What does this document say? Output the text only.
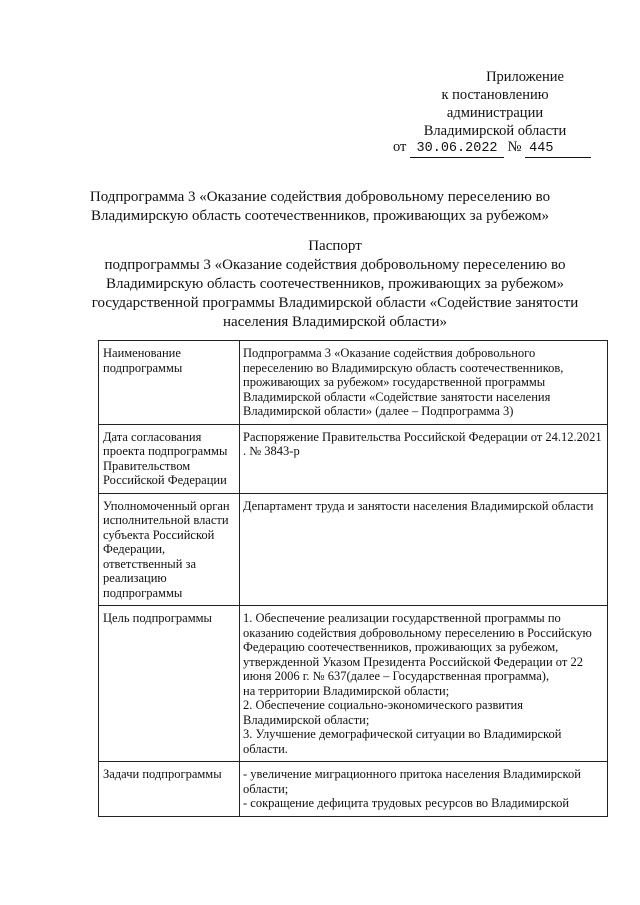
Приложение
к постановлению
администрации
Владимирской области
от 30.06.2022 № 445
Подпрограмма 3 «Оказание содействия добровольному переселению во
Владимирскую область соотечественников, проживающих за рубежом»
Паспорт
подпрограммы 3 «Оказание содействия добровольному переселению во
Владимирскую область соотечественников, проживающих за рубежом»
государственной программы Владимирской области «Содействие занятости
населения Владимирской области»
Наименование подпрограммы	Подпрограмма 3 «Оказание содействия добровольного переселению во Владимирскую область соотечественников, проживающих за рубежом» государственной программы Владимирской области «Содействие занятости населения Владимирской области» (далее – Подпрограмма 3)

Дата согласования проекта подпрограммы Правительством Российской Федерации	Распоряжение Правительства Российской Федерации от 24.12.2021 . № 3843-р

Уполномоченный орган исполнительной власти субъекта Российской Федерации, ответственный за реализацию подпрограммы	Департамент труда и занятости населения Владимирской области

Цель подпрограммы	1. Обеспечение реализации государственной программы по оказанию содействия добровольному переселению в Российскую Федерацию соотечественников, проживающих за рубежом, утвержденной Указом Президента Российской Федерации от 22 июня 2006 г. № 637(далее – Государственная программа),
на территории Владимирской области;
2. Обеспечение социально-экономического развития Владимирской области;
3. Улучшение демографической ситуации во Владимирской области.

Задачи подпрограммы	- увеличение миграционного притока населения Владимирской области;
- сокращение дефицита трудовых ресурсов во Владимирской
